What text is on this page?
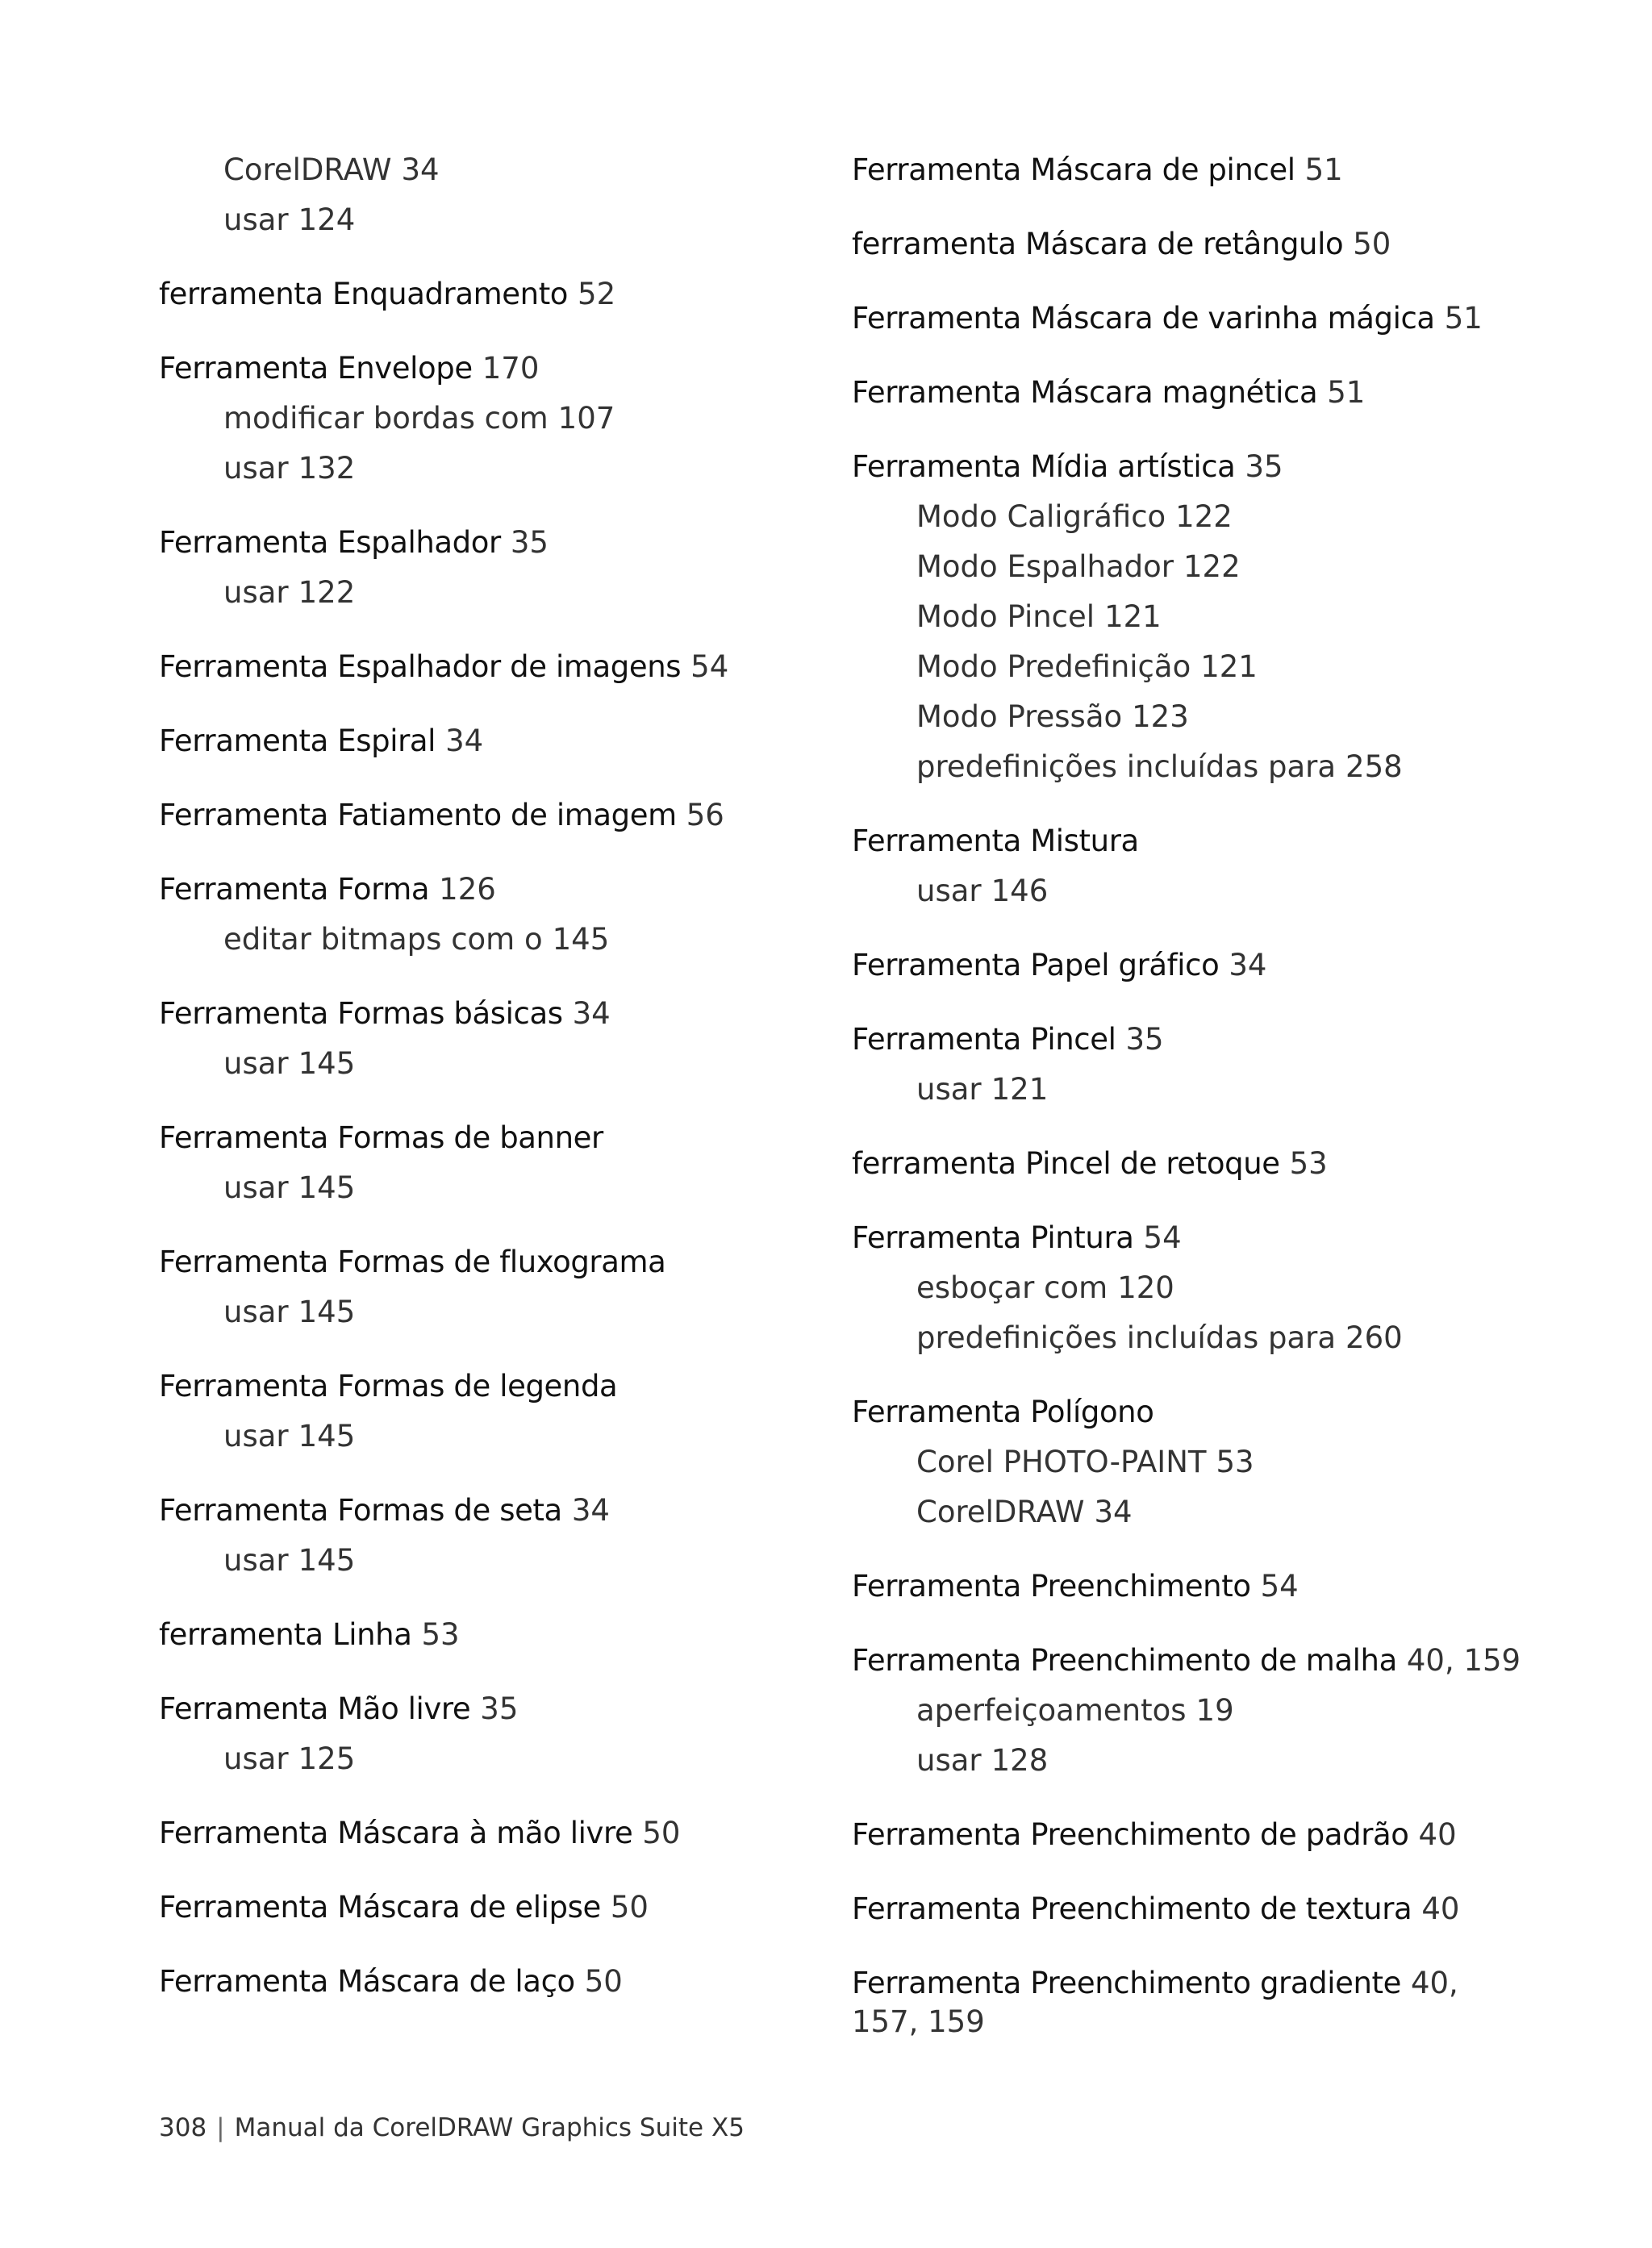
CorelDRAW 34
usar 124
ferramenta Enquadramento 52
Ferramenta Envelope 170
modificar bordas com 107
usar 132
Ferramenta Espalhador 35
usar 122
Ferramenta Espalhador de imagens 54
Ferramenta Espiral 34
Ferramenta Fatiamento de imagem 56
Ferramenta Forma 126
editar bitmaps com o 145
Ferramenta Formas básicas 34
usar 145
Ferramenta Formas de banner
usar 145
Ferramenta Formas de fluxograma
usar 145
Ferramenta Formas de legenda
usar 145
Ferramenta Formas de seta 34
usar 145
ferramenta Linha 53
Ferramenta Mão livre 35
usar 125
Ferramenta Máscara à mão livre 50
Ferramenta Máscara de elipse 50
Ferramenta Máscara de laço 50
Ferramenta Máscara de pincel 51
ferramenta Máscara de retângulo 50
Ferramenta Máscara de varinha mágica 51
Ferramenta Máscara magnética 51
Ferramenta Mídia artística 35
Modo Caligráfico 122
Modo Espalhador 122
Modo Pincel 121
Modo Predefinição 121
Modo Pressão 123
predefinições incluídas para 258
Ferramenta Mistura
usar 146
Ferramenta Papel gráfico 34
Ferramenta Pincel 35
usar 121
ferramenta Pincel de retoque 53
Ferramenta Pintura 54
esboçar com 120
predefinições incluídas para 260
Ferramenta Polígono
Corel PHOTO-PAINT 53
CorelDRAW 34
Ferramenta Preenchimento 54
Ferramenta Preenchimento de malha 40, 159
aperfeiçoamentos 19
usar 128
Ferramenta Preenchimento de padrão 40
Ferramenta Preenchimento de textura 40
Ferramenta Preenchimento gradiente 40, 157, 159
308 | Manual da CorelDRAW Graphics Suite X5
